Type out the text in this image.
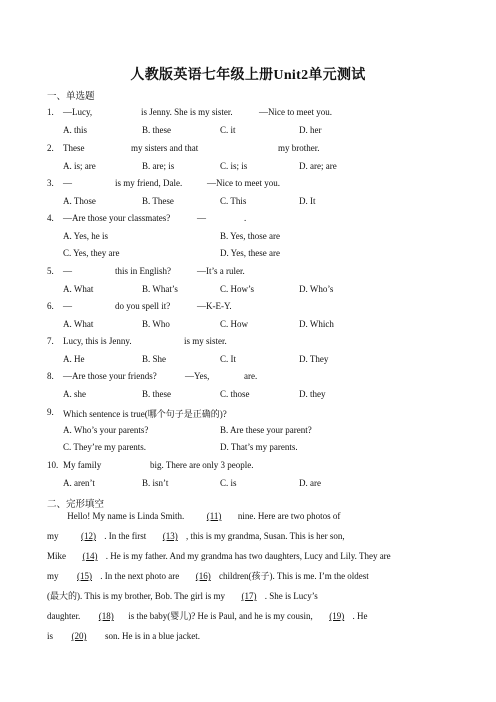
人教版英语七年级上册Unit2单元测试
一、单选题
1. —Lucy,	is Jenny. She is my sister.	—Nice to meet you.
A. this	B. these	C. it	D. her
2. These	my sisters and that	my brother.
A. is; are	B. are; is	C. is; is	D. are; are
3. —	is my friend, Dale.	—Nice to meet you.
A. Those	B. These	C. This	D. It
4. —Are those your classmates?	—	.
A. Yes, he is	B. Yes, those are
C. Yes, they are	D. Yes, these are
5. —	this in English?	—It’s a ruler.
A. What	B. What’s	C. How’s	D. Who’s
6. —	do you spell it?	—K-E-Y.
A. What	B. Who	C. How	D. Which
7. Lucy, this is Jenny.	is my sister.
A. He	B. She	C. It	D. They
8. —Are those your friends?	—Yes,	are.
A. she	B. these	C. those	D. they
9. Which sentence is true(哪个句子是正确的)?
A. Who’s your parents?	B. Are these your parent?
C. They’re my parents.	D. That’s my parents.
10. My family	big. There are only 3 people.
A. aren’t	B. isn’t	C. is	D. are
二、完形填空
Hello! My name is Linda Smith.	(11) nine. Here are two photos of
my	(12) . In the first (13) , this is my grandma, Susan. This is her son,
Mike (14) . He is my father. And my grandma has two daughters, Lucy and Lily. They are
my (15) . In the next photo are (16) children(孩子). This is me. I’m the oldest
(最大的). This is my brother, Bob. The girl is my (17) . She is Lucy’s
daughter. (18) is the baby(婴儿)? He is Paul, and he is my cousin, (19) . He
is (20) son. He is in a blue jacket.
